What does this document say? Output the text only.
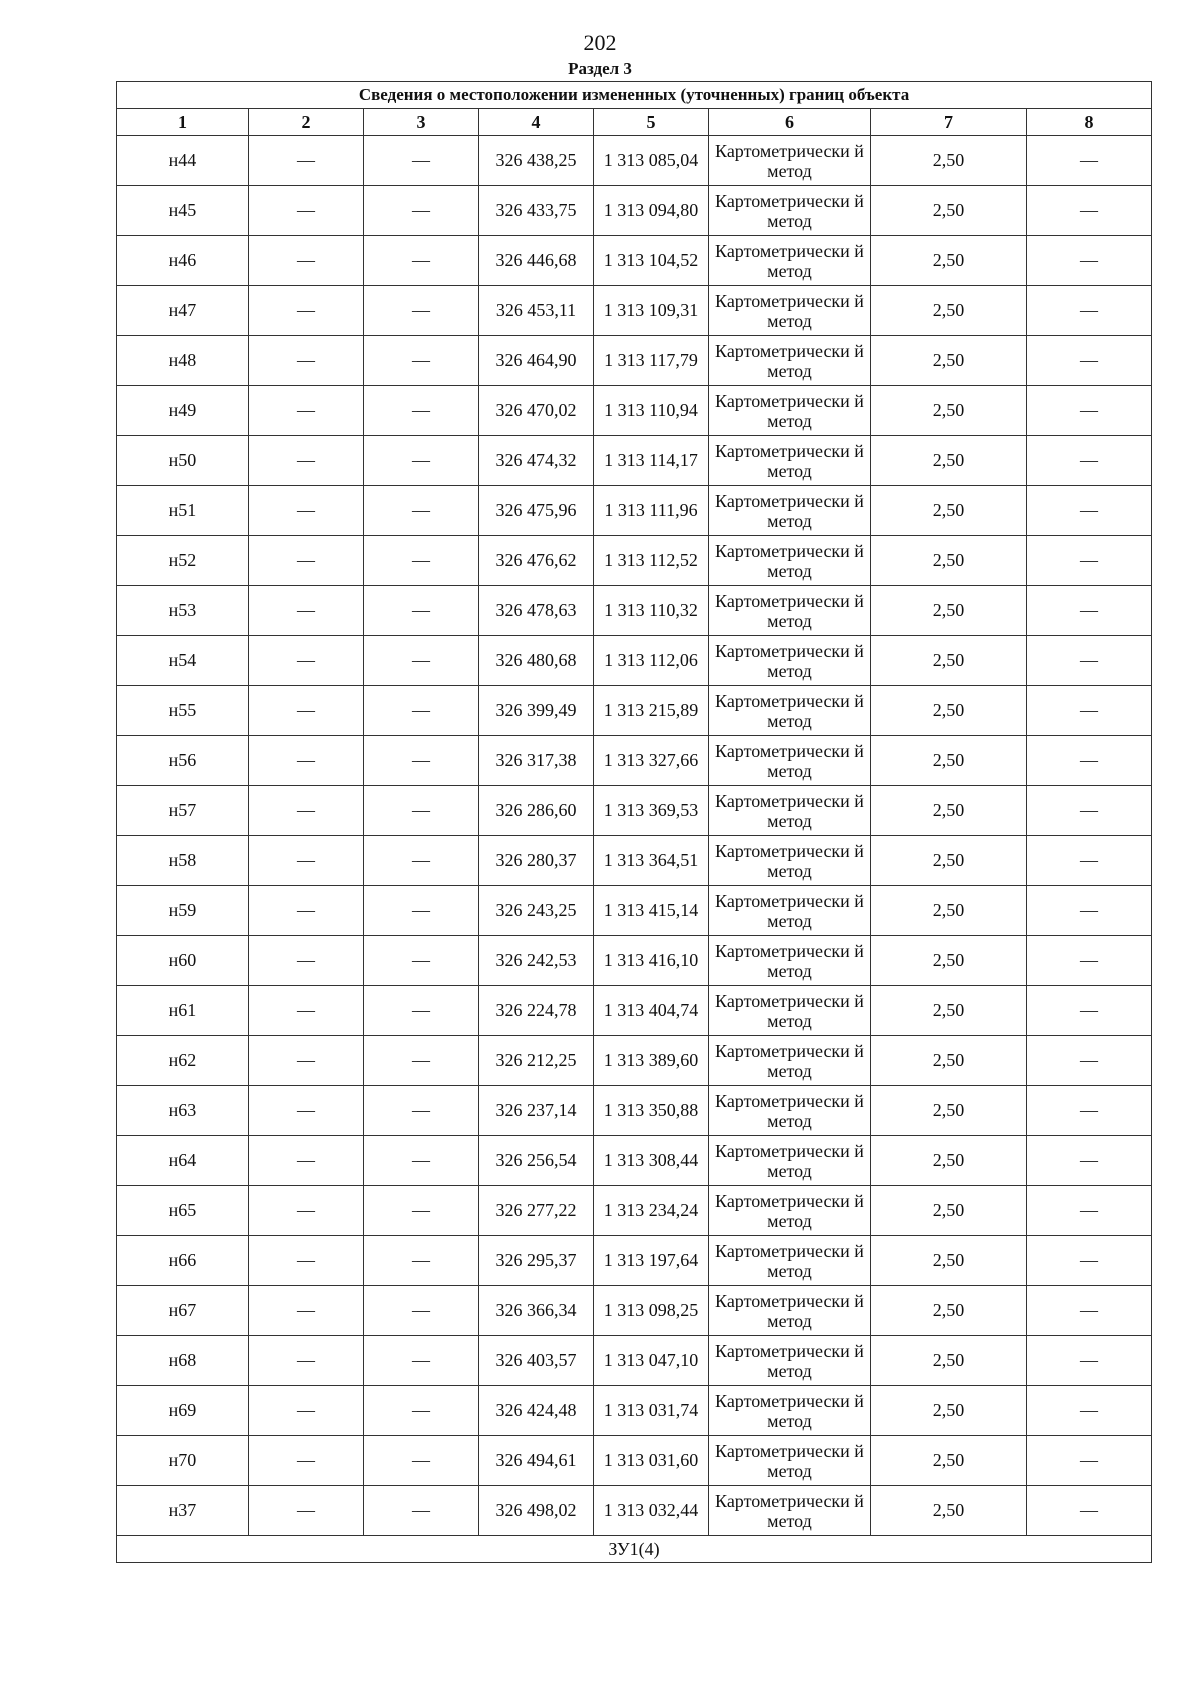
202
Раздел 3
Сведения о местоположении измененных (уточненных) границ объекта							
1	2	3	4	5	6	7	8
н44	—	—	326 438,25	1 313 085,04	Картометрически й метод	2,50	—
н45	—	—	326 433,75	1 313 094,80	Картометрически й метод	2,50	—
н46	—	—	326 446,68	1 313 104,52	Картометрически й метод	2,50	—
н47	—	—	326 453,11	1 313 109,31	Картометрически й метод	2,50	—
н48	—	—	326 464,90	1 313 117,79	Картометрически й метод	2,50	—
н49	—	—	326 470,02	1 313 110,94	Картометрически й метод	2,50	—
н50	—	—	326 474,32	1 313 114,17	Картометрически й метод	2,50	—
н51	—	—	326 475,96	1 313 111,96	Картометрически й метод	2,50	—
н52	—	—	326 476,62	1 313 112,52	Картометрически й метод	2,50	—
н53	—	—	326 478,63	1 313 110,32	Картометрически й метод	2,50	—
н54	—	—	326 480,68	1 313 112,06	Картометрически й метод	2,50	—
н55	—	—	326 399,49	1 313 215,89	Картометрически й метод	2,50	—
н56	—	—	326 317,38	1 313 327,66	Картометрически й метод	2,50	—
н57	—	—	326 286,60	1 313 369,53	Картометрически й метод	2,50	—
н58	—	—	326 280,37	1 313 364,51	Картометрически й метод	2,50	—
н59	—	—	326 243,25	1 313 415,14	Картометрически й метод	2,50	—
н60	—	—	326 242,53	1 313 416,10	Картометрически й метод	2,50	—
н61	—	—	326 224,78	1 313 404,74	Картометрически й метод	2,50	—
н62	—	—	326 212,25	1 313 389,60	Картометрически й метод	2,50	—
н63	—	—	326 237,14	1 313 350,88	Картометрически й метод	2,50	—
н64	—	—	326 256,54	1 313 308,44	Картометрически й метод	2,50	—
н65	—	—	326 277,22	1 313 234,24	Картометрически й метод	2,50	—
н66	—	—	326 295,37	1 313 197,64	Картометрически й метод	2,50	—
н67	—	—	326 366,34	1 313 098,25	Картометрически й метод	2,50	—
н68	—	—	326 403,57	1 313 047,10	Картометрически й метод	2,50	—
н69	—	—	326 424,48	1 313 031,74	Картометрически й метод	2,50	—
н70	—	—	326 494,61	1 313 031,60	Картометрически й метод	2,50	—
н37	—	—	326 498,02	1 313 032,44	Картометрически й метод	2,50	—
ЗУ1(4)							
